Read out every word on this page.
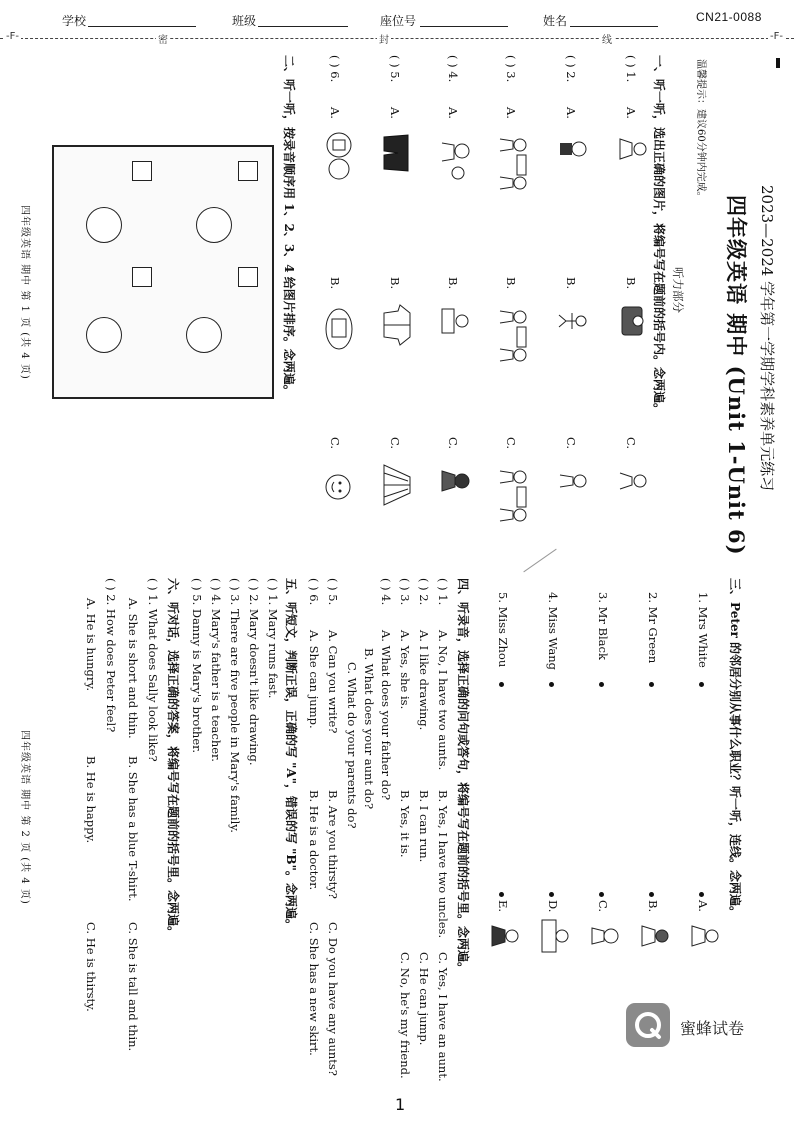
学校	班级	座位号	姓名	CN21-0088
-F-	-F-
密	封	线
2023—2024 学年第一学期学科素养单元练习
四年级英语 期中 (Unit 1-Unit 6)
温馨提示：建议60分钟内完成。
听力部分
一、听一听，选出正确的图片，将编号写在题前的括号内。念两遍。
( ) 1.
A.
B.
C.
( ) 2.
A.
B.
C.
( ) 3.
A.
B.
C.
( ) 4.
A.
B.
C.
( ) 5.
A.
B.
C.
( ) 6.
A.
B.
C.
二、听一听，按录音顺序用 1、2、3、4 给图片排序。念两遍。
四年级英语 期中 第 1 页 (共 4 页)
三、Peter 的邻居分别从事什么职业？听一听，连线。念两遍。
1. Mrs White
2. Mr Green
3. Mr Black
4. Miss Wang
5. Miss Zhou
A.
B.
C.
D.
E.
四、听录音，选择正确的问句或答句，将编号写在题前的括号里。念两遍。
( ) 1.
A. No, I have two aunts.
B. Yes, I have two uncles.
C. Yes, I have an aunt.
( ) 2.
A. I like drawing.
B. I can run.
C. He can jump.
( ) 3.
A. Yes, she is.
B. Yes, it is.
C. No, he's my friend.
( ) 4.
A. What does your father do?
B. What does your aunt do?
C. What do your parents do?
( ) 5.
A. Can you write?
B. Are you thirsty?
C. Do you have any aunts?
( ) 6.
A. She can jump.
B. He is a doctor.
C. She has a new skirt.
五、听短文，判断正误，正确的写 "A"，错误的写 "B"。念两遍。
( ) 1. Mary runs fast.
( ) 2. Mary doesn't like drawing.
( ) 3. There are five people in Mary's family.
( ) 4. Mary's father is a teacher.
( ) 5. Danny is Mary's brother.
六、听对话，选择正确的答案，将编号写在题前的括号里。念两遍。
( ) 1. What does Sally look like?
A. She is short and thin.
B. She has a blue T-shirt.
C. She is tall and thin.
( ) 2. How does Peter feel?
A. He is hungry.
B. He is happy.
C. He is thirsty.
四年级英语 期中 第 2 页 (共 4 页)
蜜蜂试卷
1
